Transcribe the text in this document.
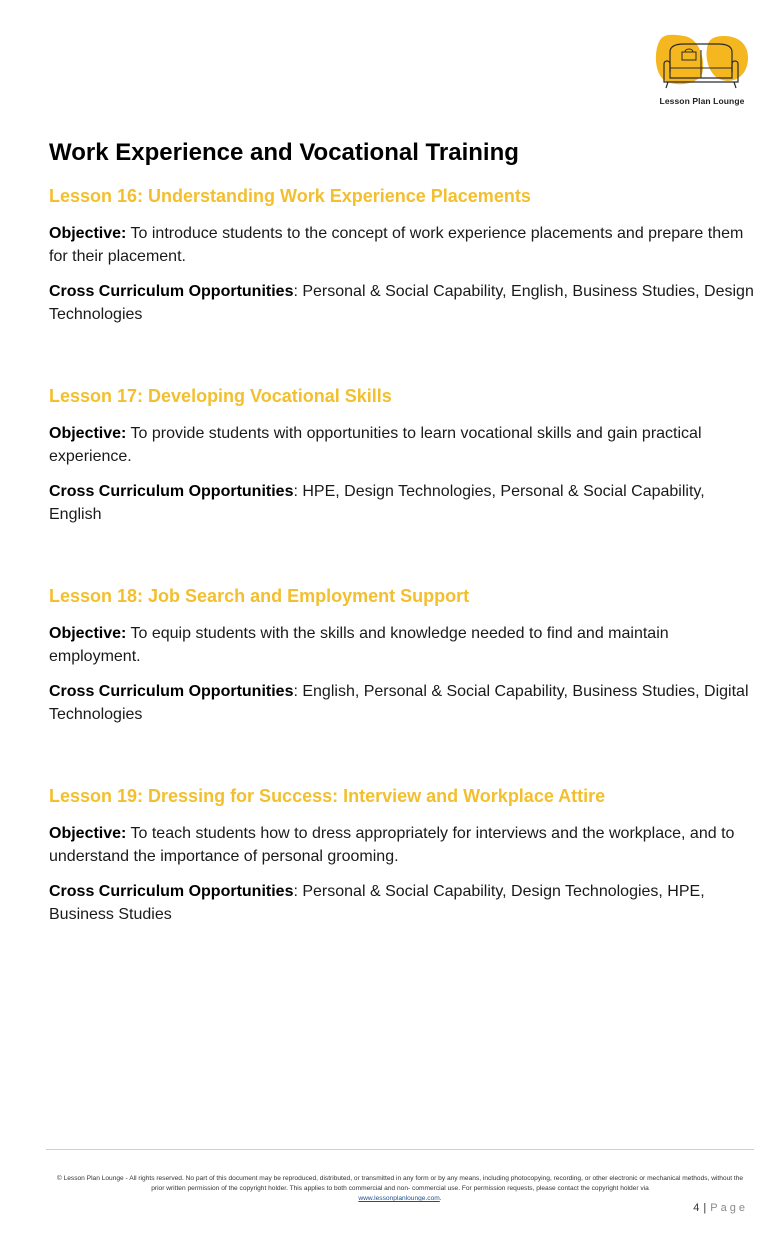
Lesson Plan Lounge
Work Experience and Vocational Training
Lesson 16: Understanding Work Experience Placements

Objective: To introduce students to the concept of work experience placements and prepare them for their placement.

Cross Curriculum Opportunities: Personal & Social Capability, English, Business Studies, Design Technologies

Lesson 17: Developing Vocational Skills

Objective: To provide students with opportunities to learn vocational skills and gain practical experience.

Cross Curriculum Opportunities: HPE, Design Technologies, Personal & Social Capability, English

Lesson 18: Job Search and Employment Support

Objective: To equip students with the skills and knowledge needed to find and maintain employment.

Cross Curriculum Opportunities: English, Personal & Social Capability, Business Studies, Digital Technologies

Lesson 19: Dressing for Success: Interview and Workplace Attire

Objective: To teach students how to dress appropriately for interviews and the workplace, and to understand the importance of personal grooming.

Cross Curriculum Opportunities: Personal & Social Capability, Design Technologies, HPE, Business Studies

© Lesson Plan Lounge - All rights reserved. No part of this document may be reproduced, distributed, or transmitted in any form or by any means, including photocopying, recording, or other electronic or mechanical methods, without the prior written permission of the copyright holder. This applies to both commercial and non- commercial use. For permission requests, please contact the copyright holder via
www.lessonplanlounge.com.
4 | Page
